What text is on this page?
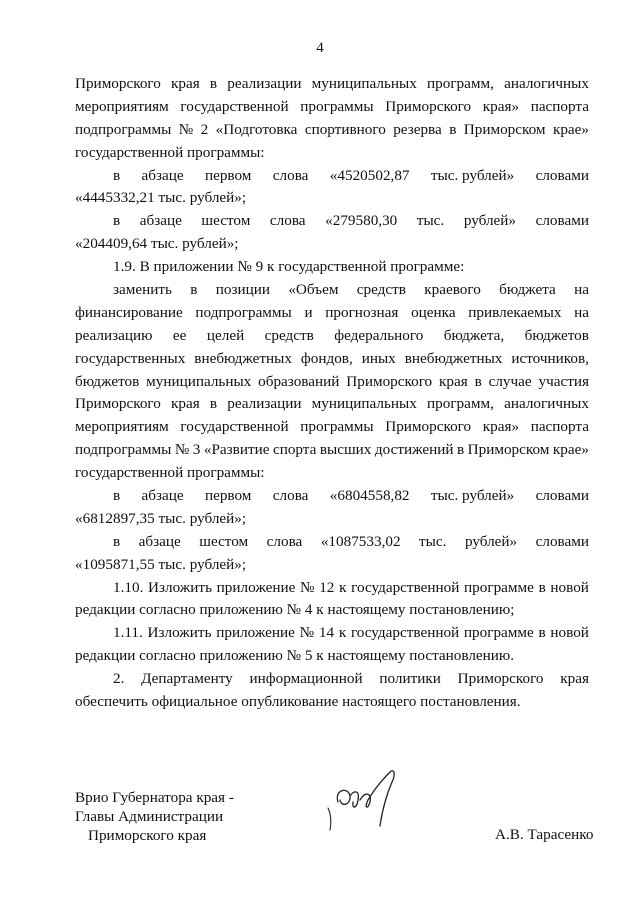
4
Приморского края в реализации муниципальных программ, аналогичных
мероприятиям государственной программы Приморского края» паспорта
подпрограммы № 2 «Подготовка спортивного резерва в Приморском крае»
государственной программы:
в абзаце первом слова «4520502,87 тыс. рублей» словами
«4445332,21 тыс. рублей»;
в абзаце шестом слова «279580,30 тыс. рублей» словами
«204409,64 тыс. рублей»;
1.9. В приложении № 9 к государственной программе:
заменить в позиции «Объем средств краевого бюджета на
финансирование подпрограммы и прогнозная оценка привлекаемых на
реализацию ее целей средств федерального бюджета, бюджетов
государственных внебюджетных фондов, иных внебюджетных источников,
бюджетов муниципальных образований Приморского края в случае участия
Приморского края в реализации муниципальных программ, аналогичных
мероприятиям государственной программы Приморского края» паспорта
подпрограммы № 3 «Развитие спорта высших достижений в Приморском крае»
государственной программы:
в абзаце первом слова «6804558,82 тыс. рублей» словами
«6812897,35 тыс. рублей»;
в абзаце шестом слова «1087533,02 тыс. рублей» словами
«1095871,55 тыс. рублей»;
1.10. Изложить приложение № 12 к государственной программе в новой
редакции согласно приложению № 4 к настоящему постановлению;
1.11. Изложить приложение № 14 к государственной программе в новой
редакции согласно приложению № 5 к настоящему постановлению.
2. Департаменту информационной политики Приморского края
обеспечить официальное опубликование настоящего постановления.
Врио Губернатора края -
Главы Администрации
Приморского края	А.В. Тарасенко
